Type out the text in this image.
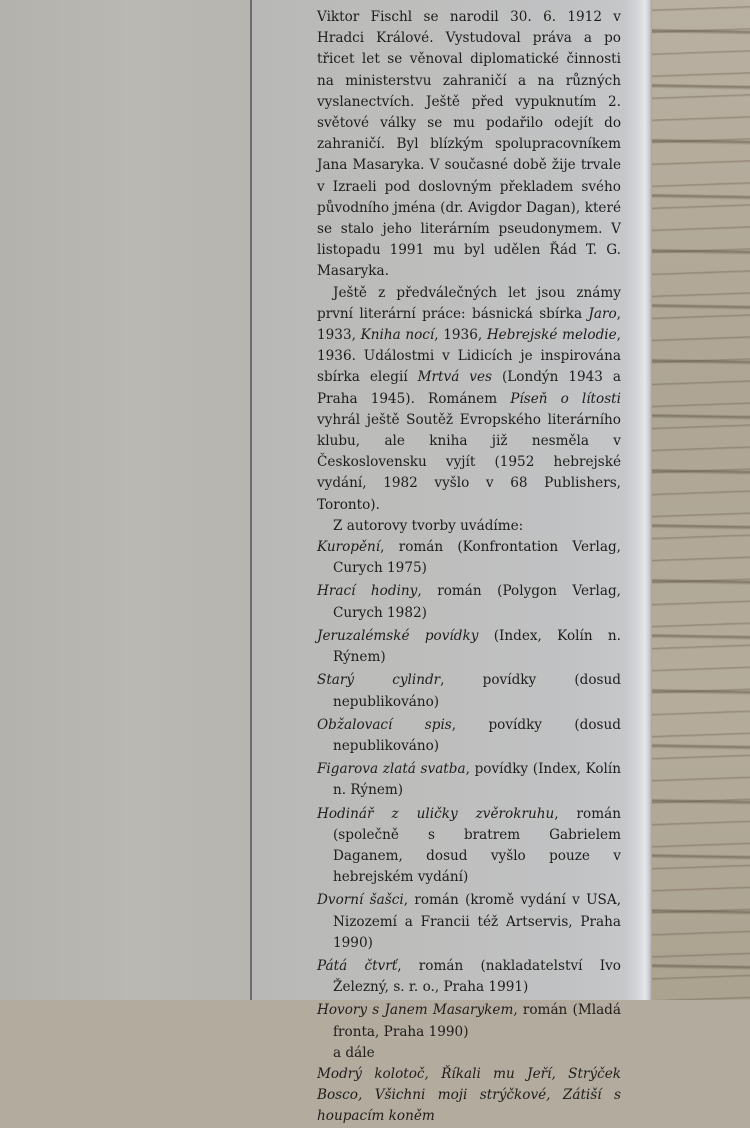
Viktor Fischl se narodil 30. 6. 1912 v Hradci Králové. Vystudoval práva a po třicet let se věnoval diplomatické činnosti na ministerstvu zahraničí a na různých vyslanectvích. Ještě před vypuknutím 2. světové války se mu podařilo odejít do zahraničí. Byl blízkým spolupracovníkem Jana Masaryka. V současné době žije trvale v Izraeli pod doslovným překladem svého původního jména (dr. Avigdor Dagan), které se stalo jeho literárním pseudonymem. V listopadu 1991 mu byl udělen Řád T. G. Masaryka.

Ještě z předválečných let jsou známy první literární práce: básnická sbírka Jaro, 1933, Kniha nocí, 1936, Hebrejské melodie, 1936. Událostmi v Lidicích je inspirována sbírka elegií Mrtvá ves (Londýn 1943 a Praha 1945). Románem Píseň o lítosti vyhrál ještě Soutěž Evropského literárního klubu, ale kniha již nesměla v Československu vyjít (1952 hebrejské vydání, 1982 vyšlo v 68 Publishers, Toronto).

Z autorovy tvorby uvádíme:

Kuropění, román (Konfrontation Verlag, Curych 1975)

Hrací hodiny, román (Polygon Verlag, Curych 1982)

Jeruzalémské povídky (Index, Kolín n. Rýnem)

Starý cylindr, povídky (dosud nepublikováno)

Obžalovací spis, povídky (dosud nepublikováno)

Figarova zlatá svatba, povídky (Index, Kolín n. Rýnem)

Hodinář z uličky zvěrokruhu, román (společně s bratrem Gabrielem Daganem, dosud vyšlo pouze v hebrejském vydání)

Dvorní šašci, román (kromě vydání v USA, Nizozemí a Francii též Artservis, Praha 1990)

Pátá čtvrť, román (nakladatelství Ivo Železný, s. r. o., Praha 1991)

Hovory s Janem Masarykem, román (Mladá fronta, Praha 1990)

a dále

Modrý kolotoč, Říkali mu Jeří, Strýček Bosco, Všichni moji strýčkové, Zátiší s houpacím koněm
